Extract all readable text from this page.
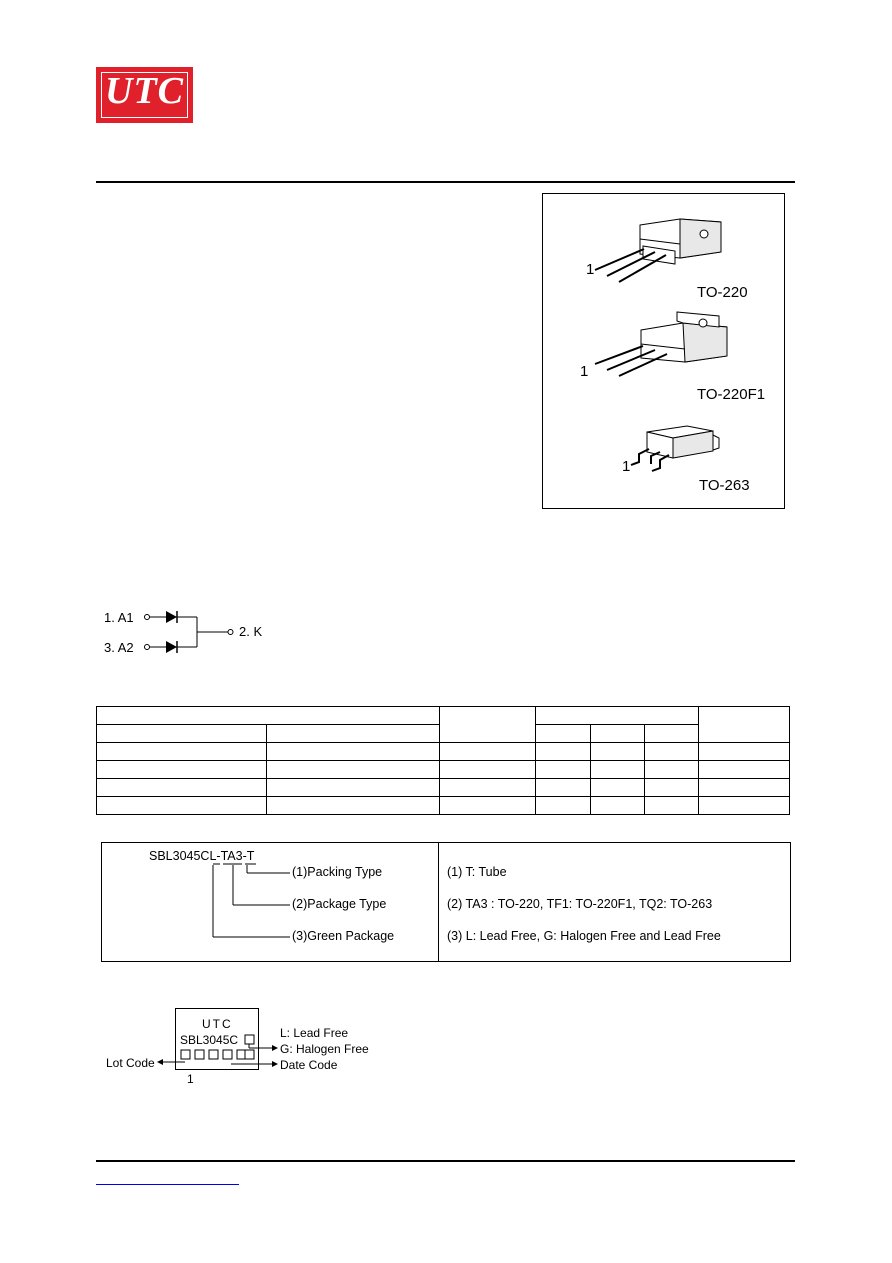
UTC
1
TO-220
1
TO-220F1
1
TO-263
1. A1
3. A2
2. K

SBL3045CL-TA3-T
(1)Packing Type
(2)Package Type
(3)Green Package
(1) T: Tube
(2) TA3 : TO-220, TF1: TO-220F1, TQ2: TO-263
(3) L: Lead Free, G: Halogen Free and Lead Free
UTC
SBL3045C	L: Lead Free
G: Halogen Free
Lot Code	Date Code
1
